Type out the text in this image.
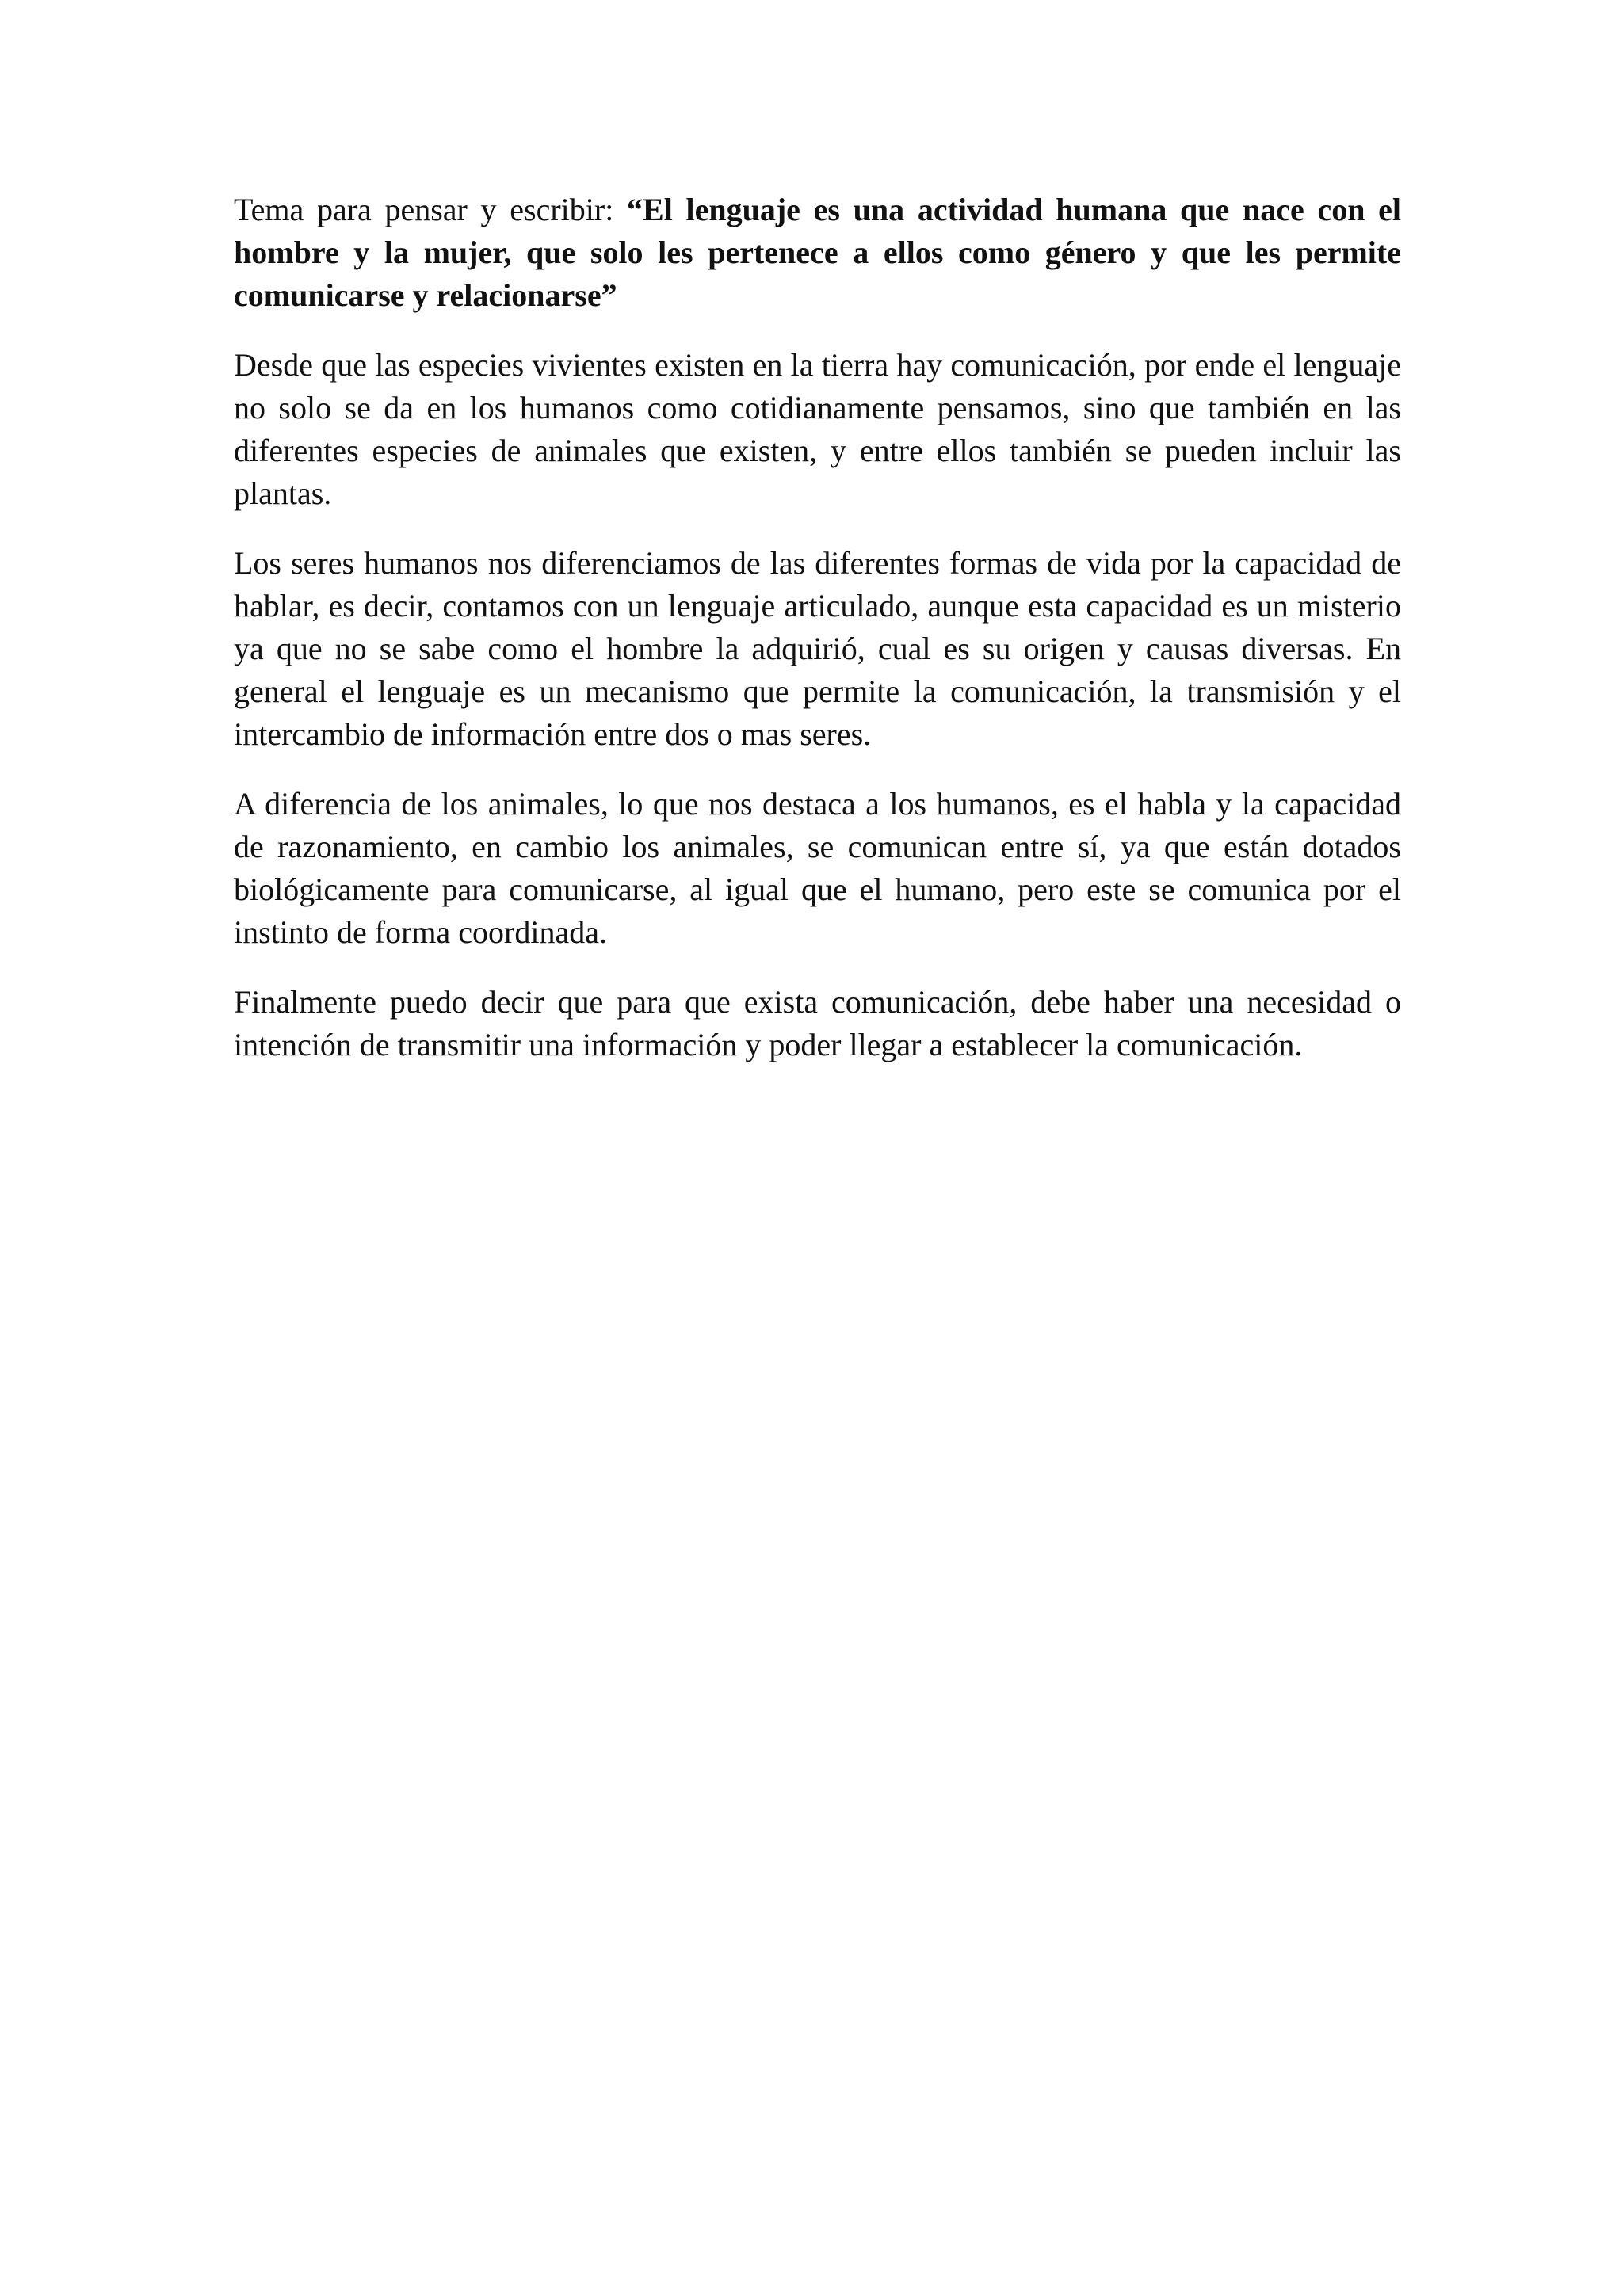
Tema para pensar y escribir: “El lenguaje es una actividad humana que nace con el hombre y la mujer, que solo les pertenece a ellos como género y que les permite comunicarse y relacionarse”

Desde que las especies vivientes existen en la tierra hay comunicación, por ende el lenguaje no solo se da en los humanos como cotidianamente pensamos, sino que también en las diferentes especies de animales que existen, y entre ellos también se pueden incluir las plantas.

Los seres humanos nos diferenciamos de las diferentes formas de vida por la capacidad de hablar, es decir, contamos con un lenguaje articulado, aunque esta capacidad es un misterio ya que no se sabe como el hombre la adquirió, cual es su origen y causas diversas. En general el lenguaje es un mecanismo que permite la comunicación, la transmisión y el intercambio de información entre dos o mas seres.

A diferencia de los animales, lo que nos destaca a los humanos, es el habla y la capacidad de razonamiento, en cambio los animales, se comunican entre sí, ya que están dotados biológicamente para comunicarse, al igual que el humano, pero este se comunica por el instinto de forma coordinada.

Finalmente puedo decir que para que exista comunicación, debe haber una necesidad o intención de transmitir una información y poder llegar a establecer la comunicación.
